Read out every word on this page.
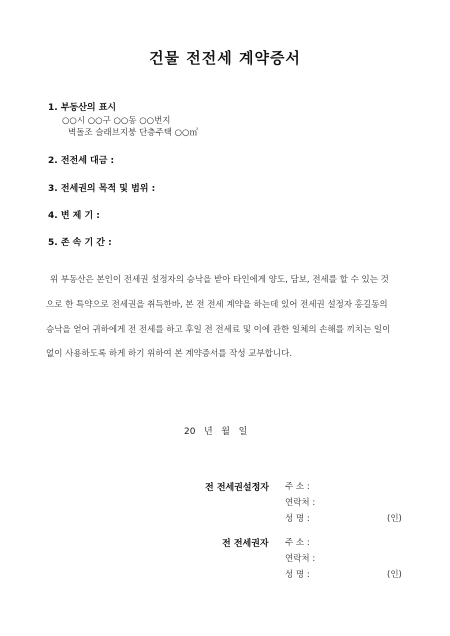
건물 전전세 계약증서
1. 부동산의 표시
○○시 ○○구 ○○동 ○○번지
벽돌조 슬래브지붕 단층주택 ○○㎡
2. 전전세 대금 :
3. 전세권의 목적 및 범위 :
4. 변 제 기 :
5. 존 속 기 간 :
위 부동산은 본인이 전세권 설정자의 승낙을 받아 타인에게 양도, 담보, 전세를 할 수 있는 것
으로 한 특약으로 전세권을 취득한바, 본 전 전세 계약을 하는데 있어 전세권 설정자 홍길동의
승낙을 얻어 귀하에게 전 전세를 하고 후일 전 전세료 및 이에 관한 일체의 손해를 끼치는 일이
없이 사용하도록 하게 하기 위하여 본 계약증서를 작성 교부합니다.
20   년   월   일
전 전세권설정자 주 소 :
연락처 :
성 명 :	(인)
전 전세권자 주 소 :
연락처 :
성 명 :	(인)
